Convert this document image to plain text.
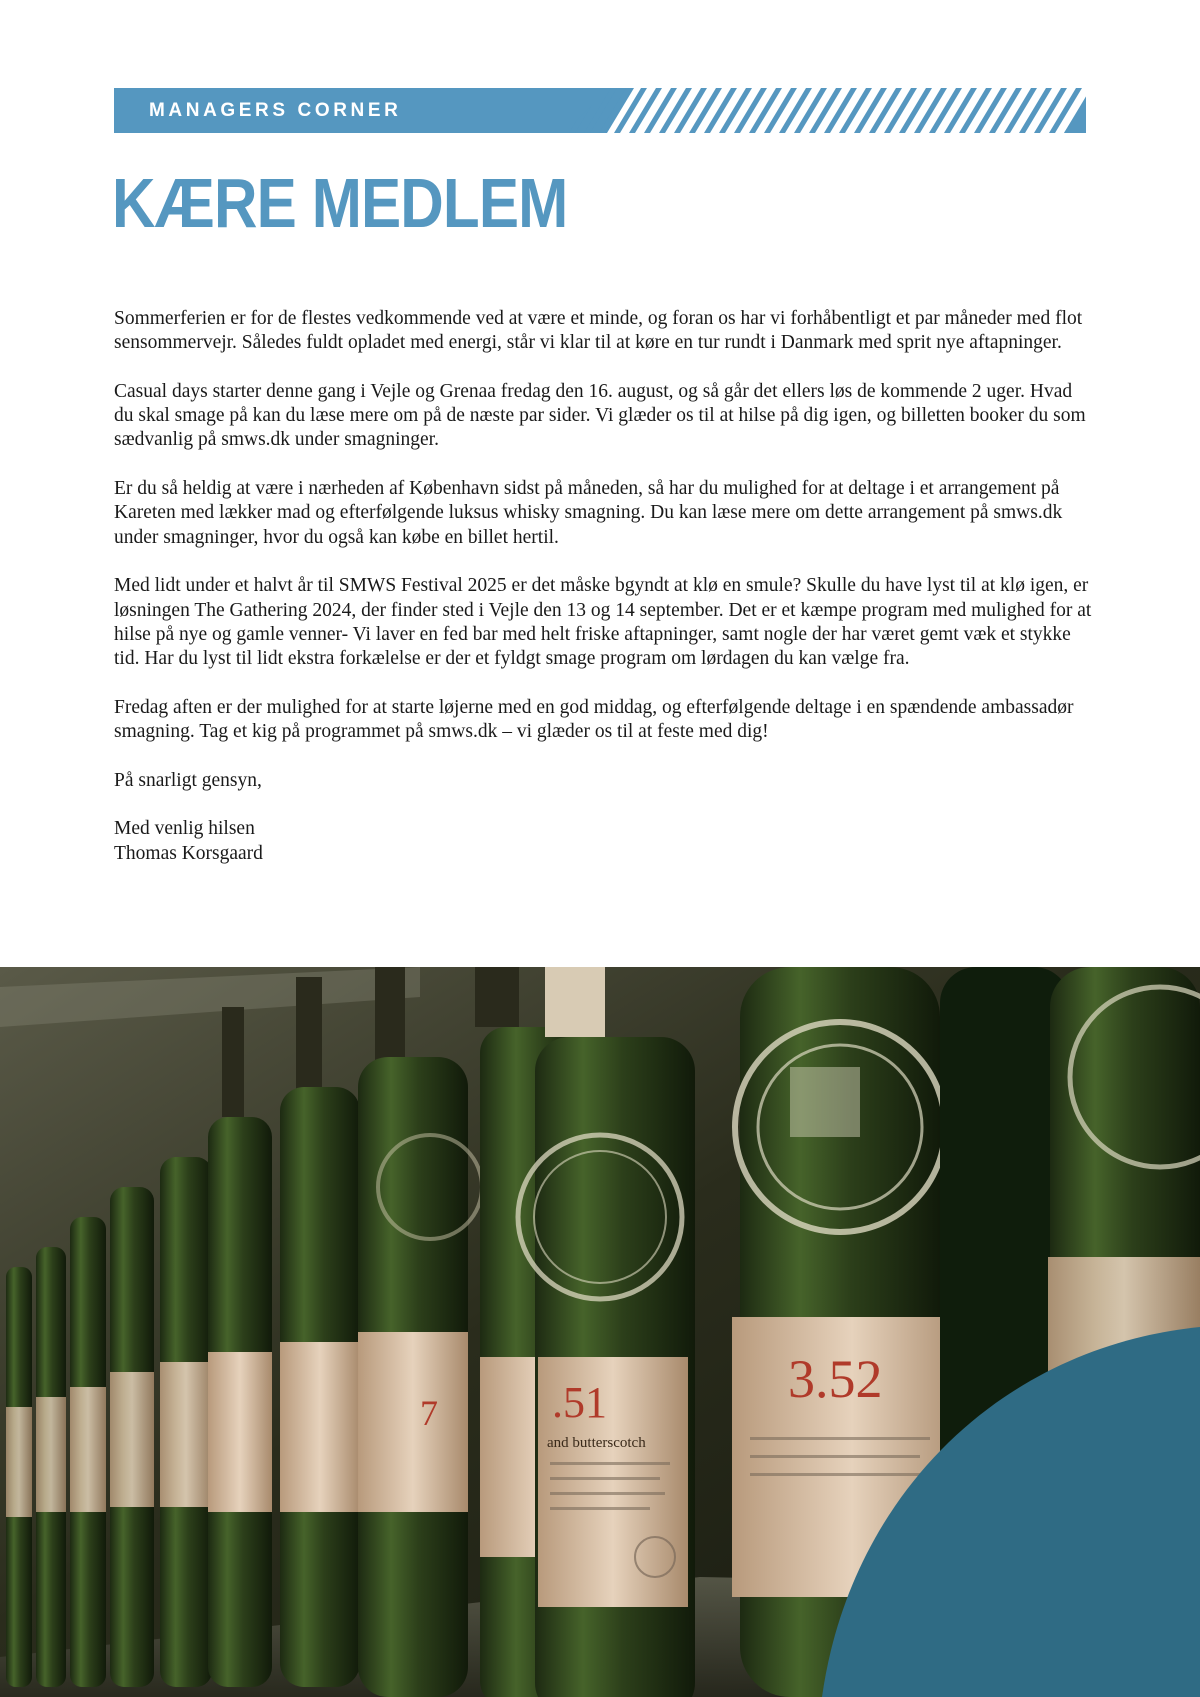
MANAGERS CORNER
KÆRE MEDLEM

Sommerferien er for de flestes vedkommende ved at være et minde, og foran os har vi forhåbentligt et par måneder med flot sensommervejr. Således fuldt opladet med energi, står vi klar til at køre en tur rundt i Danmark med sprit nye aftapninger.

Casual days starter denne gang i Vejle og Grenaa fredag den 16. august, og så går det ellers løs de kommende 2 uger. Hvad du skal smage på kan du læse mere om på de næste par sider. Vi glæder os til at hilse på dig igen, og billetten booker du som sædvanlig på smws.dk under smagninger.

Er du så heldig at være i nærheden af København sidst på måneden, så har du mulighed for at deltage i et arrangement på Kareten med lækker mad og efterfølgende luksus whisky smagning. Du kan læse mere om dette arrangement på smws.dk under smagninger, hvor du også kan købe en billet hertil.

Med lidt under et halvt år til SMWS Festival 2025 er det måske bgyndt at klø en smule? Skulle du have lyst til at klø igen, er løsningen The Gathering 2024, der finder sted i Vejle den 13 og 14 september. Det er et kæmpe program med mulighed for at hilse på nye og gamle venner- Vi laver en fed bar med helt friske aftapninger, samt nogle der har været gemt væk et stykke tid. Har du lyst til lidt ekstra forkælelse er der et fyldgt smage program om lørdagen du kan vælge fra.

Fredag aften er der mulighed for at starte løjerne med en god middag, og efterfølgende deltage i en spændende ambassadør smagning. Tag et kig på programmet på smws.dk – vi glæder os til at feste med dig!

På snarligt gensyn,

Med venlig hilsen
Thomas Korsgaard

7	.51
and butterscotch
3.52
